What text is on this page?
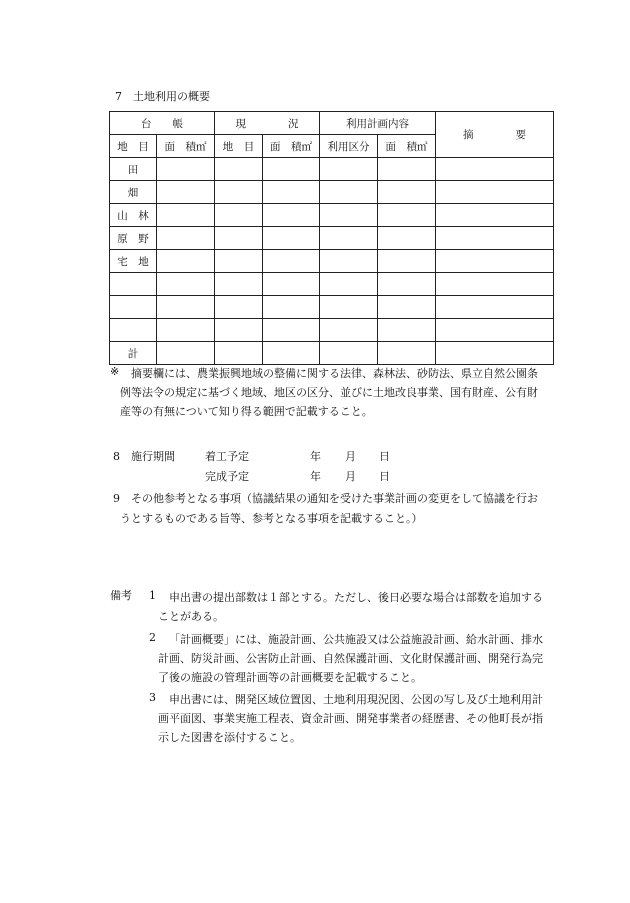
7　土地利用の概要
台　　帳		現　　　　況		利用計画内容		摘　　　　要
地　目	面　積㎡	地　目	面　積㎡	利用区分	面　積㎡	
田						
畑						
山　林						
原　野						
宅　地						

計						
※ 摘要欄には、農業振興地域の整備に関する法律、森林法、砂防法、県立自然公園条
例等法令の規定に基づく地域、地区の区分、並びに土地改良事業、国有財産、公有財
産等の有無について知り得る範囲で記載すること。
8 施行期間	着工予定	年 月 日
完成予定	年 月 日
9 その他参考となる事項（協議結果の通知を受けた事業計画の変更をして協議を行お
うとするものである旨等、参考となる事項を記載すること。）
備考 1 申出書の提出部数は１部とする。ただし、後日必要な場合は部数を追加する
ことがある。
2 「計画概要」には、施設計画、公共施設又は公益施設計画、給水計画、排水
計画、防災計画、公害防止計画、自然保護計画、文化財保護計画、開発行為完
了後の施設の管理計画等の計画概要を記載すること。
3 申出書には、開発区域位置図、土地利用現況図、公図の写し及び土地利用計
画平面図、事業実施工程表、資金計画、開発事業者の経歴書、その他町長が指
示した図書を添付すること。
